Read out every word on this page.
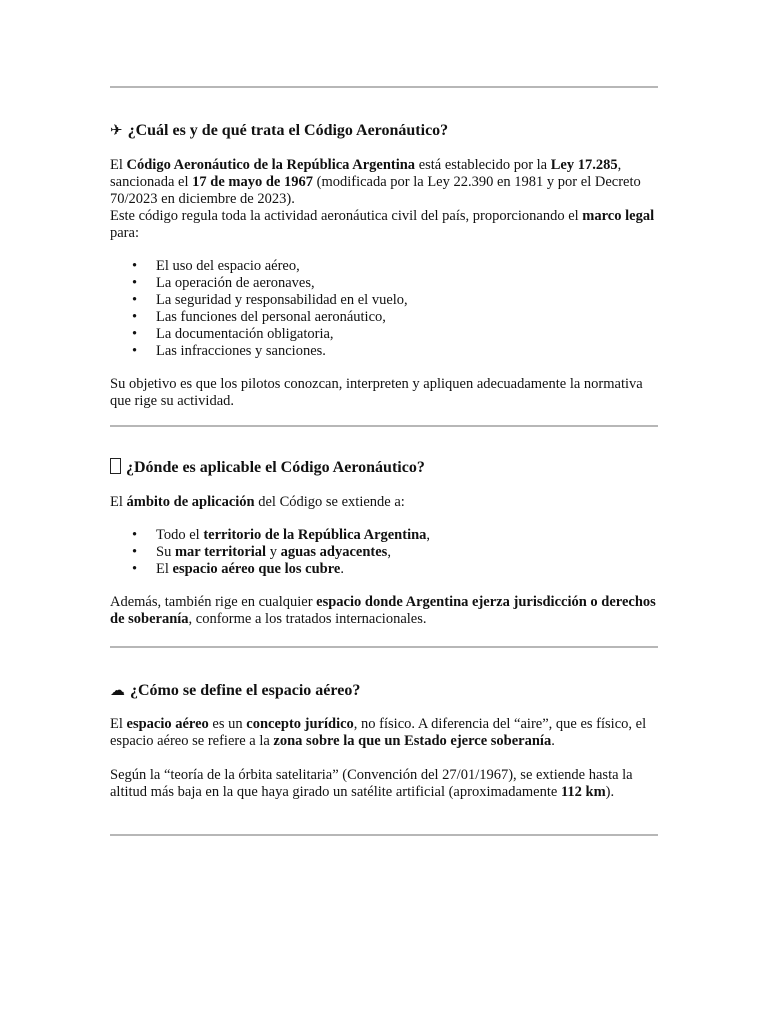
✈ ¿Cuál es y de qué trata el Código Aeronáutico?

El Código Aeronáutico de la República Argentina está establecido por la Ley 17.285, sancionada el 17 de mayo de 1967 (modificada por la Ley 22.390 en 1981 y por el Decreto 70/2023 en diciembre de 2023).

Este código regula toda la actividad aeronáutica civil del país, proporcionando el marco legal para:

• El uso del espacio aéreo,
• La operación de aeronaves,
• La seguridad y responsabilidad en el vuelo,
• Las funciones del personal aeronáutico,
• La documentación obligatoria,
• Las infracciones y sanciones.

Su objetivo es que los pilotos conozcan, interpreten y apliquen adecuadamente la normativa que rige su actividad.

¿Dónde es aplicable el Código Aeronáutico?

El ámbito de aplicación del Código se extiende a:

• Todo el territorio de la República Argentina,
• Su mar territorial y aguas adyacentes,
• El espacio aéreo que los cubre.

Además, también rige en cualquier espacio donde Argentina ejerza jurisdicción o derechos de soberanía, conforme a los tratados internacionales.

☁ ¿Cómo se define el espacio aéreo?

El espacio aéreo es un concepto jurídico, no físico. A diferencia del “aire”, que es físico, el espacio aéreo se refiere a la zona sobre la que un Estado ejerce soberanía.

Según la “teoría de la órbita satelitaria” (Convención del 27/01/1967), se extiende hasta la altitud más baja en la que haya girado un satélite artificial (aproximadamente 112 km).
